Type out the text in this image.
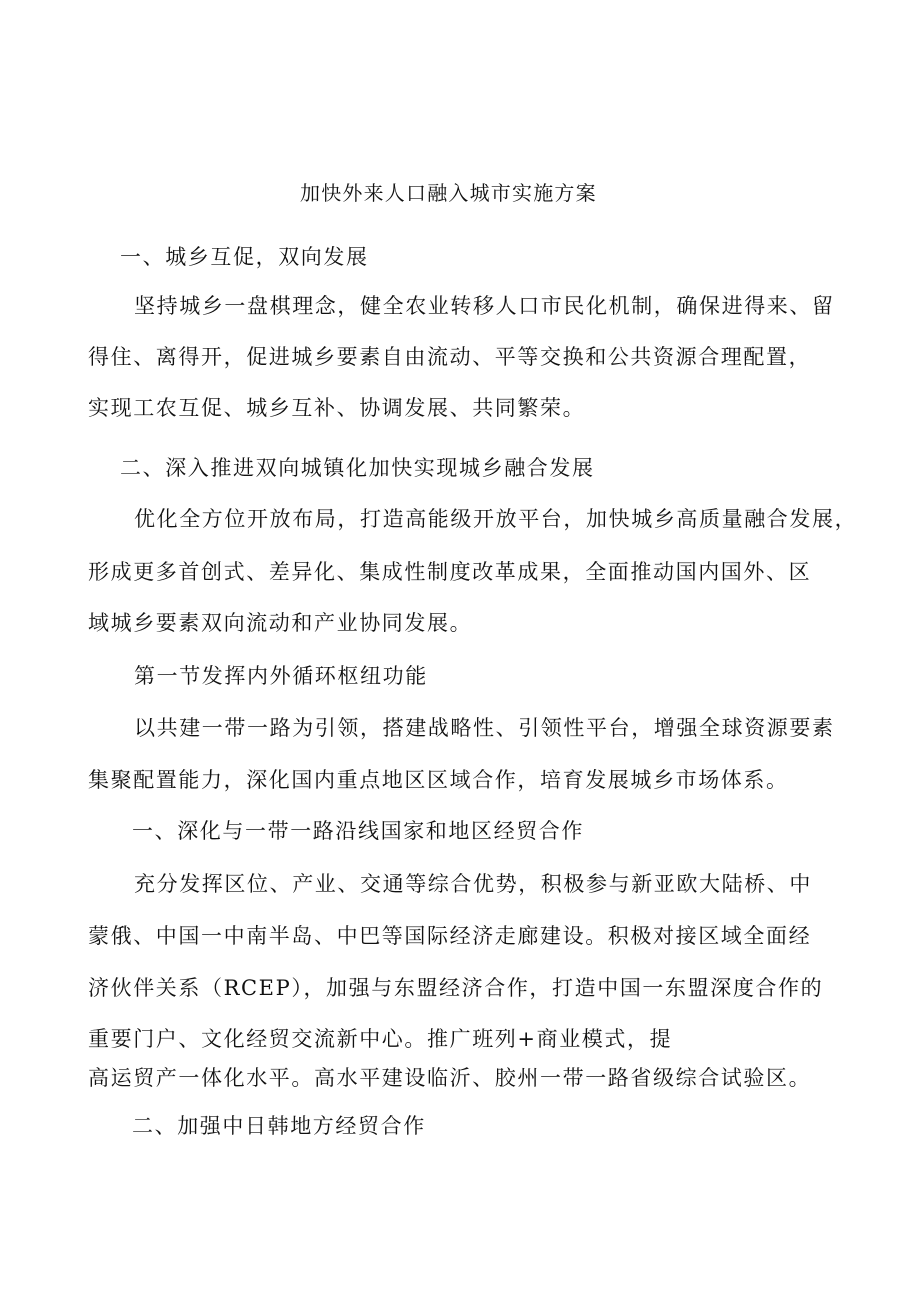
加快外来人口融入城市实施方案
一、城乡互促，双向发展
坚持城乡一盘棋理念，健全农业转移人口市民化机制，确保进得来、留
得住、离得开，促进城乡要素自由流动、平等交换和公共资源合理配置，
实现工农互促、城乡互补、协调发展、共同繁荣。
二、深入推进双向城镇化加快实现城乡融合发展
优化全方位开放布局，打造高能级开放平台，加快城乡高质量融合发展，
形成更多首创式、差异化、集成性制度改革成果，全面推动国内国外、区
域城乡要素双向流动和产业协同发展。
第一节发挥内外循环枢纽功能
以共建一带一路为引领，搭建战略性、引领性平台，增强全球资源要素
集聚配置能力，深化国内重点地区区域合作，培育发展城乡市场体系。
一、深化与一带一路沿线国家和地区经贸合作
充分发挥区位、产业、交通等综合优势，积极参与新亚欧大陆桥、中
蒙俄、中国一中南半岛、中巴等国际经济走廊建设。积极对接区域全面经
济伙伴关系（RCEP），加强与东盟经济合作，打造中国一东盟深度合作的
重要门户、文化经贸交流新中心。推广班列+商业模式，提
高运贸产一体化水平。高水平建设临沂、胶州一带一路省级综合试验区。
二、加强中日韩地方经贸合作
